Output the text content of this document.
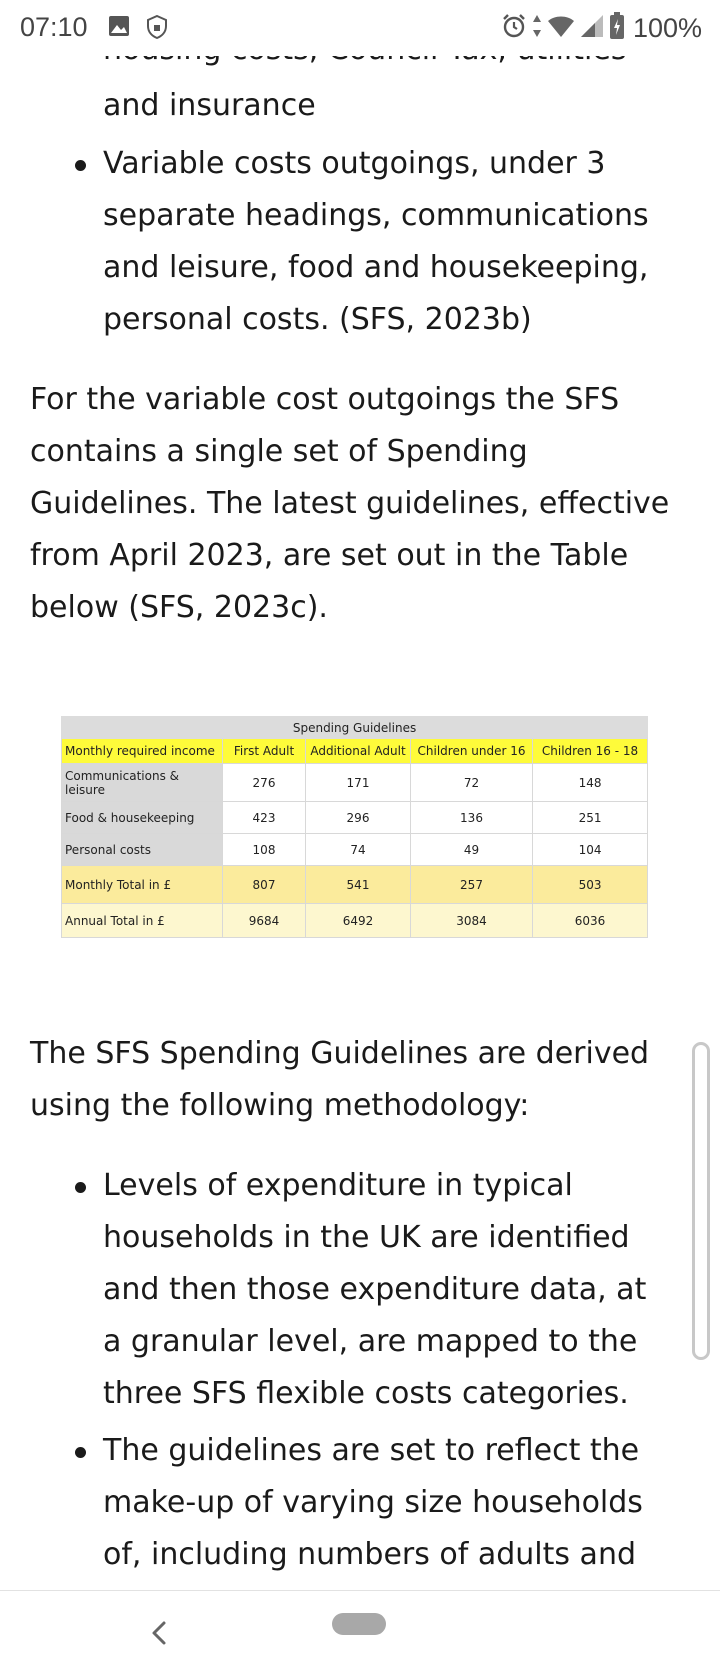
and insurance
Variable costs outgoings, under 3 separate headings, communications and leisure, food and housekeeping, personal costs. (SFS, 2023b)
For the variable cost outgoings the SFS contains a single set of Spending Guidelines. The latest guidelines, effective from April 2023, are set out in the Table below (SFS, 2023c).
Spending Guidelines				
Monthly required income	First Adult	Additional Adult	Children under 16	Children 16 - 18
Communications & leisure	276	171	72	148
Food & housekeeping	423	296	136	251
Personal costs	108	74	49	104
Monthly Total in £	807	541	257	503
Annual Total in £	9684	6492	3084	6036
The SFS Spending Guidelines are derived using the following methodology:
Levels of expenditure in typical households in the UK are identified and then those expenditure data, at a granular level, are mapped to the three SFS flexible costs categories.
The guidelines are set to reflect the make-up of varying size households of, including numbers of adults and
07:10	100%
